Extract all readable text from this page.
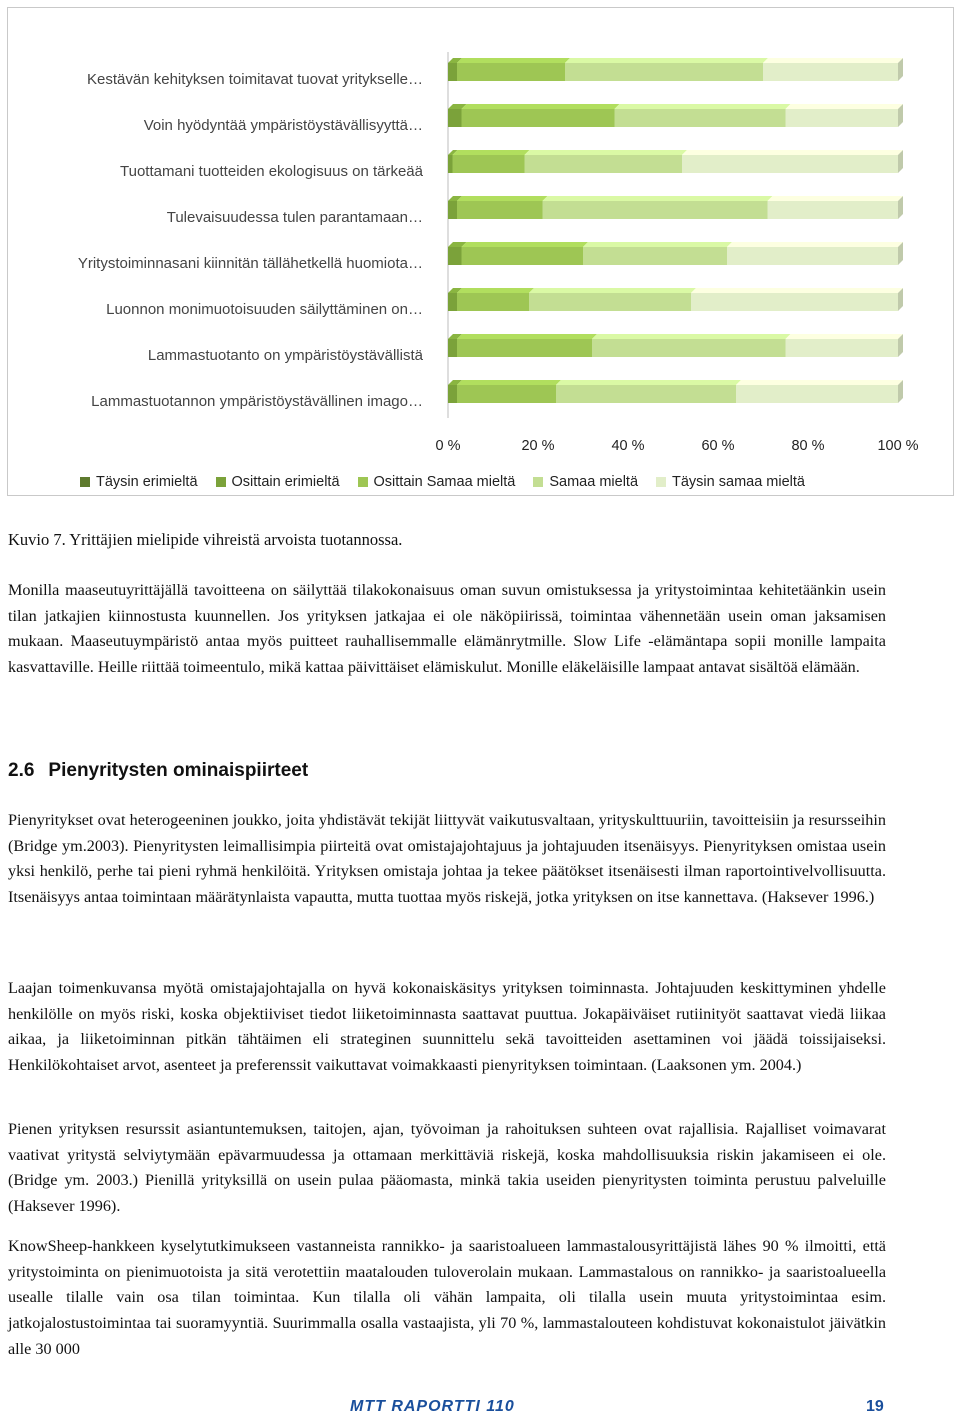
Kestävän kehityksen toimitavat tuovat yritykselle…
Voin hyödyntää ympäristöystävällisyyttä…
Tuottamani tuotteiden ekologisuus on tärkeää
Tulevaisuudessa tulen parantamaan…
Yritystoiminnasani kiinnitän tällähetkellä huomiota…
Luonnon monimuotoisuuden säilyttäminen on…
Lammastuotanto on ympäristöystävällistä
Lammastuotannon ympäristöystävällinen imago…
0 %	20 %	40 %	60 %	80 %	100 %
Täysin erimieltä Osittain erimieltä Osittain Samaa mieltä Samaa mieltä Täysin samaa mieltä
Kuvio 7. Yrittäjien mielipide vihreistä arvoista tuotannossa.

Monilla maaseutuyrittäjällä tavoitteena on säilyttää tilakokonaisuus oman suvun omistuksessa ja yritystoimintaa kehitetäänkin usein tilan jatkajien kiinnostusta kuunnellen. Jos yrityksen jatkajaa ei ole näköpiirissä, toimintaa vähennetään usein oman jaksamisen mukaan. Maaseutuympäristö antaa myös puitteet rauhallisemmalle elämänrytmille. Slow Life -elämäntapa sopii monille lampaita kasvattaville. Heille riittää toimeentulo, mikä kattaa päivittäiset elämiskulut. Monille eläkeläisille lampaat antavat sisältöä elämään.

2.6 Pienyritysten ominaispiirteet

Pienyritykset ovat heterogeeninen joukko, joita yhdistävät tekijät liittyvät vaikutusvaltaan, yrityskulttuuriin, tavoitteisiin ja resursseihin (Bridge ym.2003). Pienyritysten leimallisimpia piirteitä ovat omistajajohtajuus ja johtajuuden itsenäisyys. Pienyrityksen omistaa usein yksi henkilö, perhe tai pieni ryhmä henkilöitä. Yrityksen omistaja johtaa ja tekee päätökset itsenäisesti ilman raportointivelvollisuutta. Itsenäisyys antaa toimintaan määrätynlaista vapautta, mutta tuottaa myös riskejä, jotka yrityksen on itse kannettava. (Haksever 1996.)

Laajan toimenkuvansa myötä omistajajohtajalla on hyvä kokonaiskäsitys yrityksen toiminnasta. Johtajuuden keskittyminen yhdelle henkilölle on myös riski, koska objektiiviset tiedot liiketoiminnasta saattavat puuttua. Jokapäiväiset rutiinityöt saattavat viedä liikaa aikaa, ja liiketoiminnan pitkän tähtäimen eli strateginen suunnittelu sekä tavoitteiden asettaminen voi jäädä toissijaiseksi. Henkilökohtaiset arvot, asenteet ja preferenssit vaikuttavat voimakkaasti pienyrityksen toimintaan. (Laaksonen ym. 2004.)

Pienen yrityksen resurssit asiantuntemuksen, taitojen, ajan, työvoiman ja rahoituksen suhteen ovat rajallisia. Rajalliset voimavarat vaativat yritystä selviytymään epävarmuudessa ja ottamaan merkittäviä riskejä, koska mahdollisuuksia riskin jakamiseen ei ole. (Bridge ym. 2003.) Pienillä yrityksillä on usein pulaa pääomasta, minkä takia useiden pienyritysten toiminta perustuu palveluille (Haksever 1996).

KnowSheep-hankkeen kyselytutkimukseen vastanneista rannikko- ja saaristoalueen lammastalousyrittäjistä lähes 90 % ilmoitti, että yritystoiminta on pienimuotoista ja sitä verotettiin maatalouden tuloverolain mukaan. Lammastalous on rannikko- ja saaristoalueella usealle tilalle vain osa tilan toimintaa. Kun tilalla oli vähän lampaita, oli tilalla usein muuta yritystoimintaa esim. jatkojalostustoimintaa tai suoramyyntiä. Suurimmalla osalla vastaajista, yli 70 %, lammastalouteen kohdistuvat kokonaistulot jäivätkin alle 30 000

MTT RAPORTTI 110	19
